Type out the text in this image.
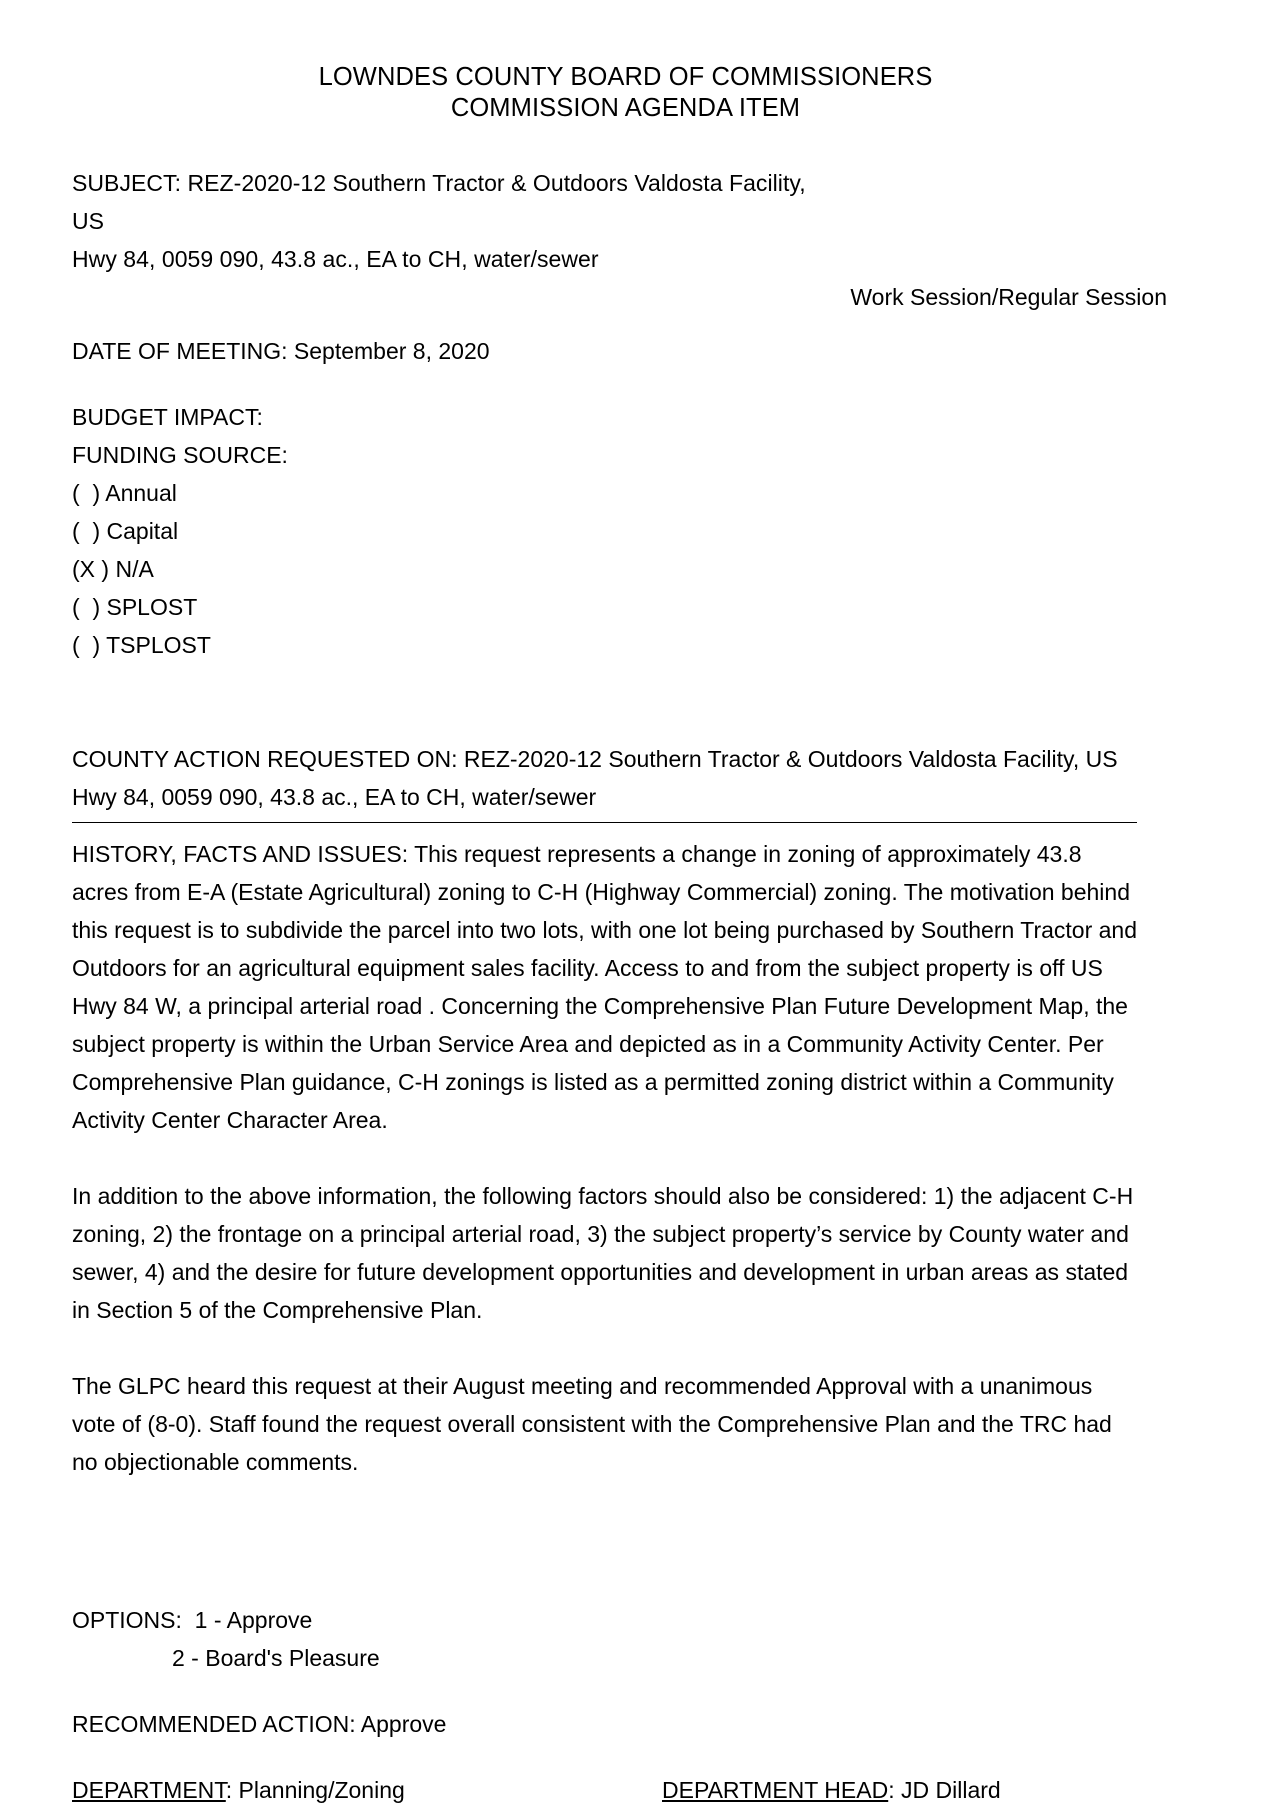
LOWNDES COUNTY BOARD OF COMMISSIONERS
COMMISSION AGENDA ITEM
SUBJECT: REZ-2020-12 Southern Tractor & Outdoors Valdosta Facility, US
Hwy 84, 0059 090, 43.8 ac., EA to CH, water/sewer
Work Session/Regular Session
DATE OF MEETING: September 8, 2020
BUDGET IMPACT:
FUNDING SOURCE:
(  ) Annual
(  ) Capital
(X ) N/A
(  ) SPLOST
(  ) TSPLOST
COUNTY ACTION REQUESTED ON: REZ-2020-12 Southern Tractor & Outdoors Valdosta Facility, US Hwy 84, 0059 090, 43.8 ac., EA to CH, water/sewer

HISTORY, FACTS AND ISSUES: This request represents a change in zoning of approximately 43.8 acres from E-A (Estate Agricultural) zoning to C-H (Highway Commercial) zoning. The motivation behind this request is to subdivide the parcel into two lots, with one lot being purchased by Southern Tractor and Outdoors for an agricultural equipment sales facility. Access to and from the subject property is off US Hwy 84 W, a principal arterial road . Concerning the Comprehensive Plan Future Development Map, the subject property is within the Urban Service Area and depicted as in a Community Activity Center. Per Comprehensive Plan guidance, C-H zonings is listed as a permitted zoning district within a Community Activity Center Character Area.

In addition to the above information, the following factors should also be considered: 1) the adjacent C-H zoning, 2) the frontage on a principal arterial road, 3) the subject property’s service by County water and sewer, 4) and the desire for future development opportunities and development in urban areas as stated in Section 5 of the Comprehensive Plan.

The GLPC heard this request at their August meeting and recommended Approval with a unanimous vote of (8-0). Staff found the request overall consistent with the Comprehensive Plan and the TRC had no objectionable comments.

OPTIONS:  1 - Approve
2 - Board's Pleasure
RECOMMENDED ACTION: Approve
DEPARTMENT: Planning/Zoning	DEPARTMENT HEAD: JD Dillard
